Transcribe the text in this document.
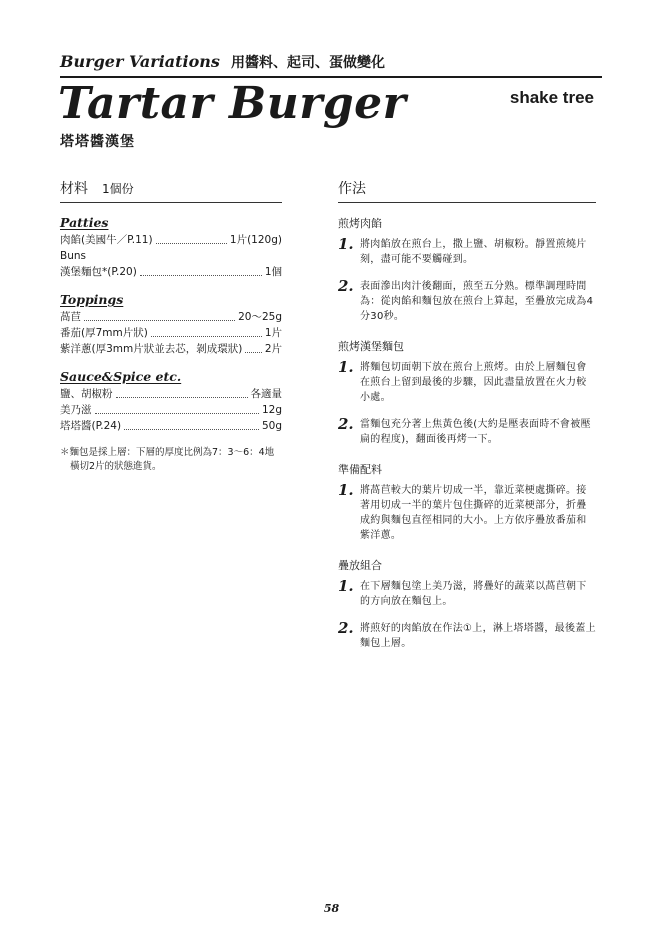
Burger Variations 用醬料、起司、蛋做變化
Tartar Burger	shake tree
塔塔醬漢堡
材料 1個份
Patties
肉餡(美國牛／P.11)	1片(120g)
Buns
漢堡麵包*(P.20)	1個
Toppings
萵苣	20～25g
番茄(厚7mm片狀)	1片
紫洋蔥(厚3mm片狀並去芯，剝成環狀) 2片
Sauce&Spice etc.
鹽、胡椒粉	各適量
美乃滋	12g
塔塔醬(P.24)	50g
＊麵包是採上層：下層的厚度比例為7：3～6：4地橫切2片的狀態進貨。
作法
煎烤肉餡
1. 將肉餡放在煎台上，撒上鹽、胡椒粉。靜置煎燒片刻，盡可能不要觸碰到。
2. 表面滲出肉汁後翻面，煎至五分熟。標準調理時間為：從肉餡和麵包放在煎台上算起，至疊放完成為4分30秒。
煎烤漢堡麵包
1. 將麵包切面朝下放在煎台上煎烤。由於上層麵包會在煎台上留到最後的步驟，因此盡量放置在火力較小處。
2. 當麵包充分著上焦黃色後(大約是壓表面時不會被壓扁的程度)，翻面後再烤一下。
準備配料
1. 將萵苣較大的葉片切成一半，靠近菜梗處撕碎。接著用切成一半的葉片包住撕碎的近菜梗部分，折疊成約與麵包直徑相同的大小。上方依序疊放番茄和紫洋蔥。
疊放組合
1. 在下層麵包塗上美乃滋，將疊好的蔬菜以萵苣朝下的方向放在麵包上。
2. 將煎好的肉餡放在作法①上，淋上塔塔醬，最後蓋上麵包上層。
58
